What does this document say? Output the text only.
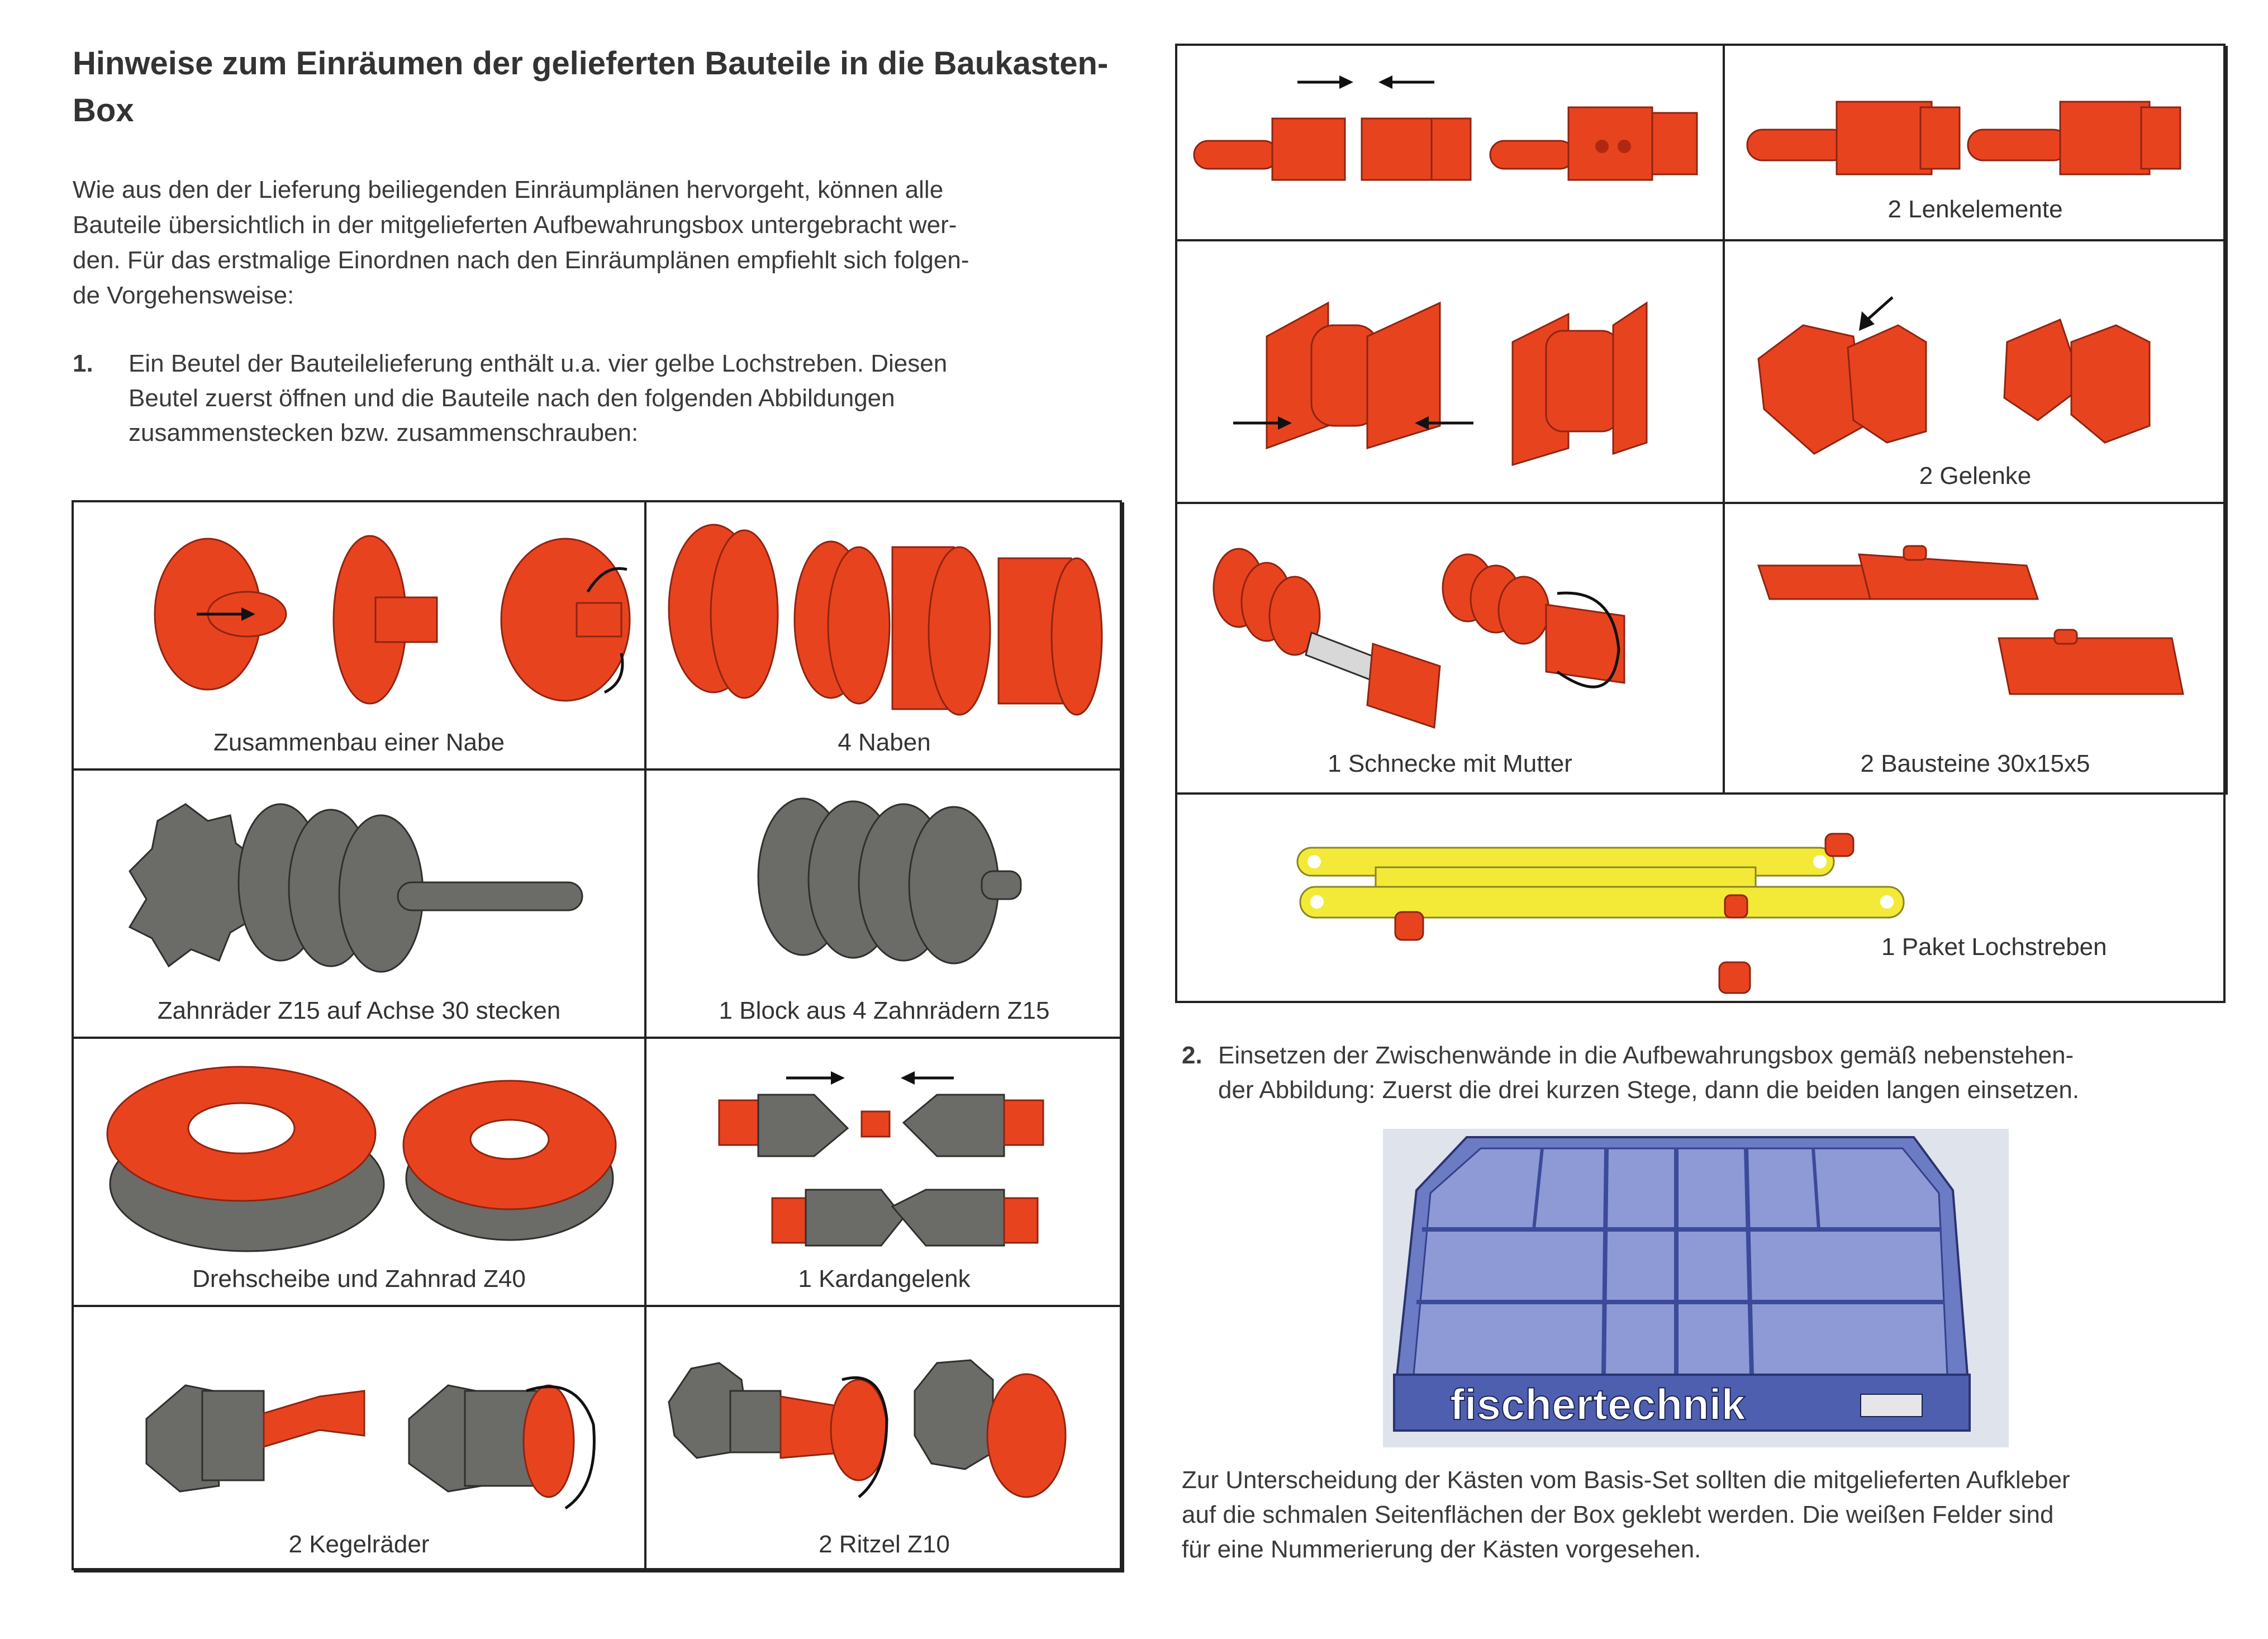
Hinweise zum Einräumen der gelieferten Bauteile in die Baukasten-Box
Wie aus den der Lieferung beiliegenden Einräumplänen hervorgeht, können alle
Bauteile übersichtlich in der mitgelieferten Aufbewahrungsbox untergebracht wer-
den. Für das erstmalige Einordnen nach den Einräumplänen empfiehlt sich folgen-
de Vorgehensweise:
1. Ein Beutel der Bauteilelieferung enthält u.a. vier gelbe Lochstreben. Diesen
Beutel zuerst öffnen und die Bauteile nach den folgenden Abbildungen
zusammenstecken bzw. zusammenschrauben:
Zusammenbau einer Nabe	4 Naben
Zahnräder Z15 auf Achse 30 stecken	1 Block aus 4 Zahnrädern Z15
Drehscheibe und Zahnrad Z40	1 Kardangelenk
2 Kegelräder	2 Ritzel Z10
2 Lenkelemente
2 Gelenke
1 Schnecke mit Mutter	2 Bausteine 30x15x5
1 Paket Lochstreben
2. Einsetzen der Zwischenwände in die Aufbewahrungsbox gemäß nebenstehen-
der Abbildung: Zuerst die drei kurzen Stege, dann die beiden langen einsetzen.
fischertechnik
Zur Unterscheidung der Kästen vom Basis-Set sollten die mitgelieferten Aufkleber
auf die schmalen Seitenflächen der Box geklebt werden. Die weißen Felder sind
für eine Nummerierung der Kästen vorgesehen.
